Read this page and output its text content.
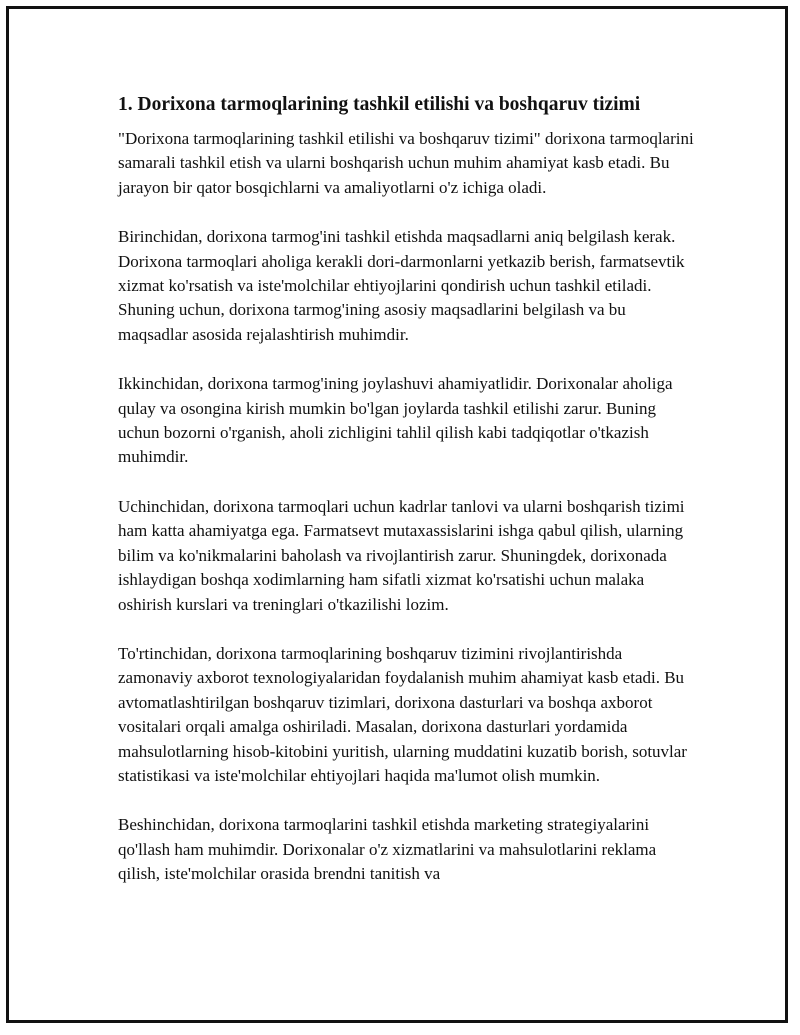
1. Dorixona tarmoqlarining tashkil etilishi va boshqaruv tizimi

"Dorixona tarmoqlarining tashkil etilishi va boshqaruv tizimi" dorixona tarmoqlarini samarali tashkil etish va ularni boshqarish uchun muhim ahamiyat kasb etadi. Bu jarayon bir qator bosqichlarni va amaliyotlarni o'z ichiga oladi.

Birinchidan, dorixona tarmog'ini tashkil etishda maqsadlarni aniq belgilash kerak. Dorixona tarmoqlari aholiga kerakli dori-darmonlarni yetkazib berish, farmatsevtik xizmat ko'rsatish va iste'molchilar ehtiyojlarini qondirish uchun tashkil etiladi. Shuning uchun, dorixona tarmog'ining asosiy maqsadlarini belgilash va bu maqsadlar asosida rejalashtirish muhimdir.

Ikkinchidan, dorixona tarmog'ining joylashuvi ahamiyatlidir. Dorixonalar aholiga qulay va osongina kirish mumkin bo'lgan joylarda tashkil etilishi zarur. Buning uchun bozorni o'rganish, aholi zichligini tahlil qilish kabi tadqiqotlar o'tkazish muhimdir.

Uchinchidan, dorixona tarmoqlari uchun kadrlar tanlovi va ularni boshqarish tizimi ham katta ahamiyatga ega. Farmatsevt mutaxassislarini ishga qabul qilish, ularning bilim va ko'nikmalarini baholash va rivojlantirish zarur. Shuningdek, dorixonada ishlaydigan boshqa xodimlarning ham sifatli xizmat ko'rsatishi uchun malaka oshirish kurslari va treninglari o'tkazilishi lozim.

To'rtinchidan, dorixona tarmoqlarining boshqaruv tizimini rivojlantirishda zamonaviy axborot texnologiyalaridan foydalanish muhim ahamiyat kasb etadi. Bu avtomatlashtirilgan boshqaruv tizimlari, dorixona dasturlari va boshqa axborot vositalari orqali amalga oshiriladi. Masalan, dorixona dasturlari yordamida mahsulotlarning hisob-kitobini yuritish, ularning muddatini kuzatib borish, sotuvlar statistikasi va iste'molchilar ehtiyojlari haqida ma'lumot olish mumkin.

Beshinchidan, dorixona tarmoqlarini tashkil etishda marketing strategiyalarini qo'llash ham muhimdir. Dorixonalar o'z xizmatlarini va mahsulotlarini reklama qilish, iste'molchilar orasida brendni tanitish va
